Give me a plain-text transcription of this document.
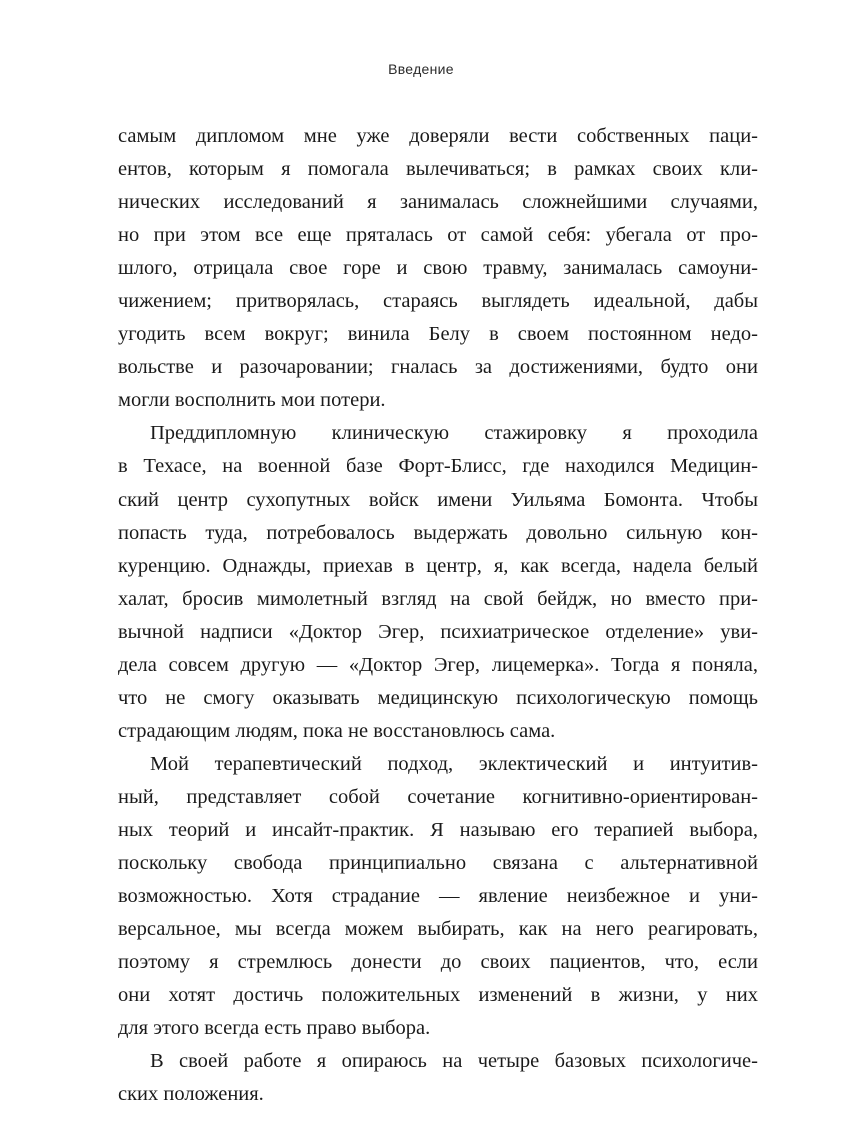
Введение
самым дипломом мне уже доверяли вести собственных паци-
ентов, которым я помогала вылечиваться; в рамках своих кли-
нических исследований я занималась сложнейшими случаями,
но при этом все еще пряталась от самой себя: убегала от про-
шлого, отрицала свое горе и свою травму, занималась самоуни-
чижением; притворялась, стараясь выглядеть идеальной, дабы
угодить всем вокруг; винила Белу в своем постоянном недо-
вольстве и разочаровании; гналась за достижениями, будто они
могли восполнить мои потери.
Преддипломную клиническую стажировку я проходила
в Техасе, на военной базе Форт-Блисс, где находился Медицин-
ский центр сухопутных войск имени Уильяма Бомонта. Чтобы
попасть туда, потребовалось выдержать довольно сильную кон-
куренцию. Однажды, приехав в центр, я, как всегда, надела белый
халат, бросив мимолетный взгляд на свой бейдж, но вместо при-
вычной надписи «Доктор Эгер, психиатрическое отделение» уви-
дела совсем другую — «Доктор Эгер, лицемерка». Тогда я поняла,
что не смогу оказывать медицинскую психологическую помощь
страдающим людям, пока не восстановлюсь сама.
Мой терапевтический подход, эклектический и интуитив-
ный, представляет собой сочетание когнитивно-ориентирован-
ных теорий и инсайт-практик. Я называю его терапией выбора,
поскольку свобода принципиально связана с альтернативной
возможностью. Хотя страдание — явление неизбежное и уни-
версальное, мы всегда можем выбирать, как на него реагировать,
поэтому я стремлюсь донести до своих пациентов, что, если
они хотят достичь положительных изменений в жизни, у них
для этого всегда есть право выбора.
В своей работе я опираюсь на четыре базовых психологиче-
ских положения.
